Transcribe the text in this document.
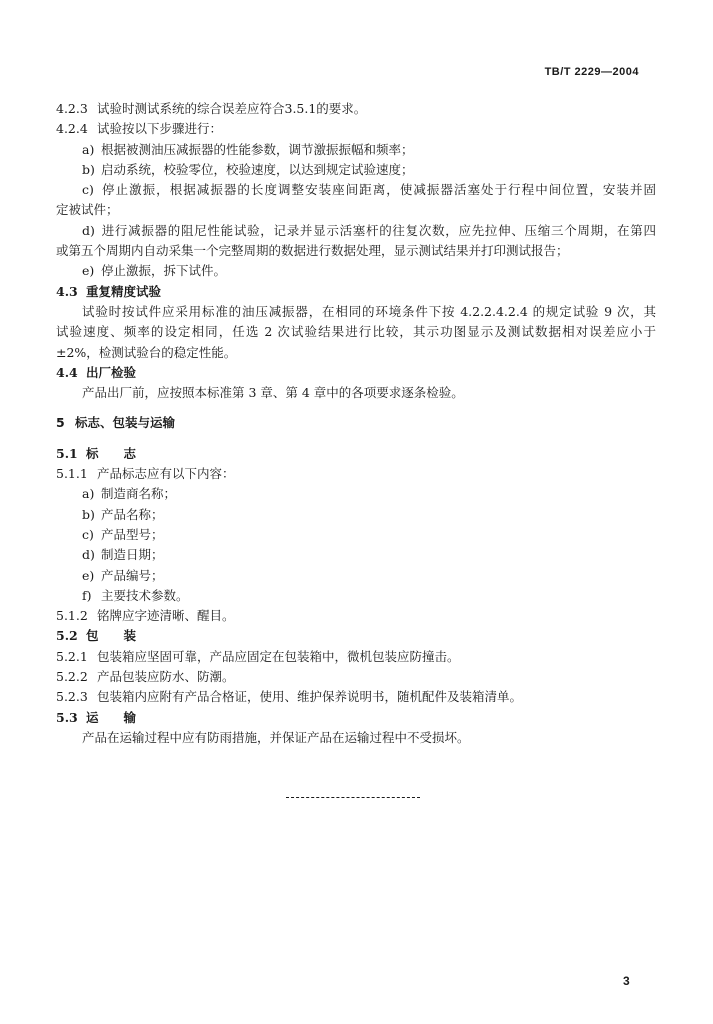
TB/T 2229—2004
4.2.3 试验时测试系统的综合误差应符合3.5.1的要求。
4.2.4 试验按以下步骤进行：
a) 根据被测油压减振器的性能参数，调节激振振幅和频率；
b) 启动系统，校验零位，校验速度，以达到规定试验速度；
c) 停止激振，根据减振器的长度调整安装座间距离，使减振器活塞处于行程中间位置，安装并固
定被试件；
d) 进行减振器的阻尼性能试验，记录并显示活塞杆的往复次数，应先拉伸、压缩三个周期，在第四
或第五个周期内自动采集一个完整周期的数据进行数据处理，显示测试结果并打印测试报告；
e) 停止激振，拆下试件。
4.3 重复精度试验
试验时按试件应采用标准的油压减振器，在相同的环境条件下按 4.2.2.4.2.4 的规定试验 9 次，其
试验速度、频率的设定相同，任选 2 次试验结果进行比较，其示功图显示及测试数据相对误差应小于
±2%，检测试验台的稳定性能。
4.4 出厂检验
产品出厂前，应按照本标准第 3 章、第 4 章中的各项要求逐条检验。
5 标志、包装与运输
5.1 标　　志
5.1.1 产品标志应有以下内容：
a) 制造商名称；
b) 产品名称；
c) 产品型号；
d) 制造日期；
e) 产品编号；
f) 主要技术参数。
5.1.2 铭牌应字迹清晰、醒目。
5.2 包　　装
5.2.1 包装箱应坚固可靠，产品应固定在包装箱中，微机包装应防撞击。
5.2.2 产品包装应防水、防潮。
5.2.3 包装箱内应附有产品合格证，使用、维护保养说明书，随机配件及装箱清单。
5.3 运　　输
产品在运输过程中应有防雨措施，并保证产品在运输过程中不受损坏。
3
